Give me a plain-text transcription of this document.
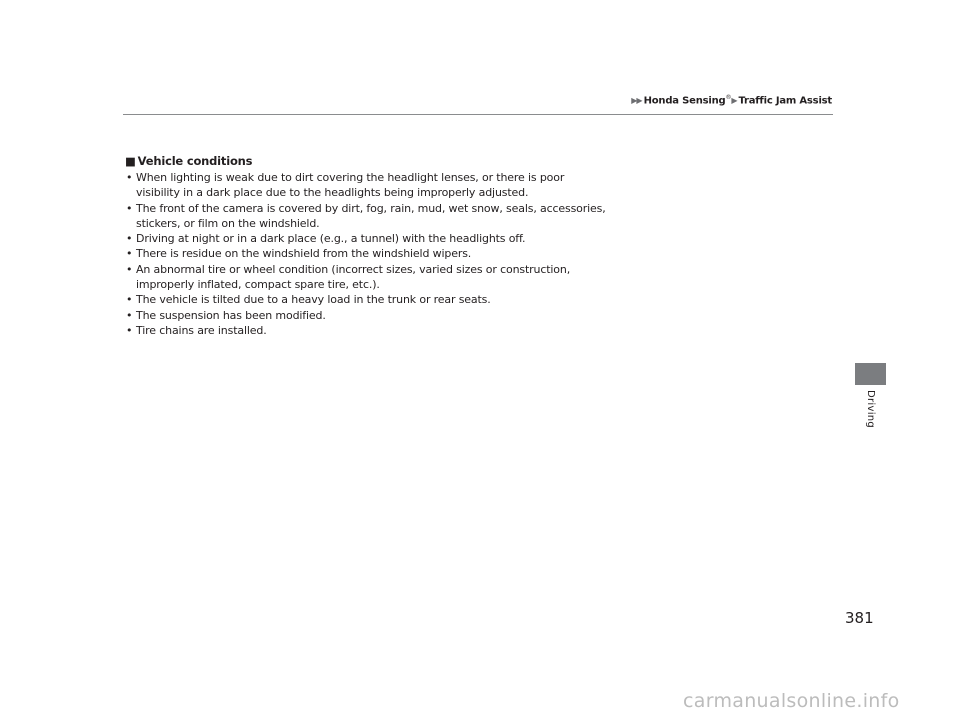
▶▶ Honda Sensing®▶ Traffic Jam Assist
■ Vehicle conditions
• When lighting is weak due to dirt covering the headlight lenses, or there is poor visibility in a dark place due to the headlights being improperly adjusted.
• The front of the camera is covered by dirt, fog, rain, mud, wet snow, seals, accessories, stickers, or film on the windshield.
• Driving at night or in a dark place (e.g., a tunnel) with the headlights off.
• There is residue on the windshield from the windshield wipers.
• An abnormal tire or wheel condition (incorrect sizes, varied sizes or construction, improperly inflated, compact spare tire, etc.).
• The vehicle is tilted due to a heavy load in the trunk or rear seats.
• The suspension has been modified.
• Tire chains are installed.
Driving
381
carmanualsonline.info
